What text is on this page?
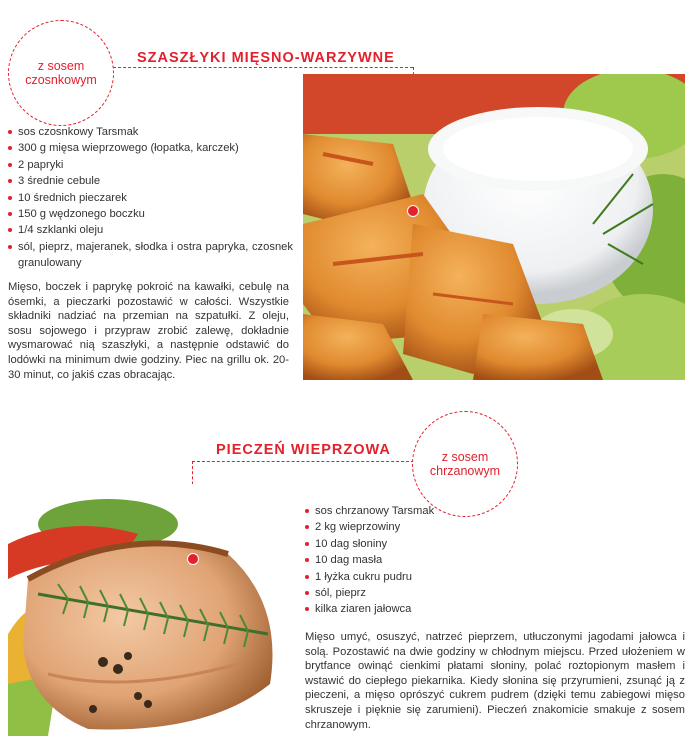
z sosem
czosnkowym
SZASZŁYKI MIĘSNO-WARZYWNE
sos czosnkowy Tarsmak
300 g mięsa wieprzowego (łopatka, karczek)
2 papryki
3 średnie cebule
10 średnich pieczarek
150 g wędzonego boczku
1/4 szklanki oleju
sól, pieprz, majeranek, słodka i ostra papryka, czosnek granulowany

Mięso, boczek i paprykę pokroić na kawałki, cebulę na ósemki, a pieczarki pozostawić w całości. Wszystkie składniki nadziać na przemian na szpatułki. Z oleju, sosu sojowego i przypraw zrobić zalewę, dokładnie wysmarować nią szaszłyki, a następnie odstawić do lodówki na minimum dwie godziny. Piec na grillu ok. 20-30 minut, co jakiś czas obracając.

PIECZEŃ WIEPRZOWA	z sosem
chrzanowym
sos chrzanowy Tarsmak
2 kg wieprzowiny
10 dag słoniny
10 dag masła
1 łyżka cukru pudru
sól, pieprz
kilka ziaren jałowca

Mięso umyć, osuszyć, natrzeć pieprzem, utłuczonymi jagodami jałowca i solą. Pozostawić na dwie godziny w chłodnym miejscu. Przed ułożeniem w brytfance owinąć cienkimi płatami słoniny, polać roztopionym masłem i wstawić do ciepłego piekarnika. Kiedy słonina się przyrumieni, zsunąć ją z pieczeni, a mięso oprószyć cukrem pudrem (dzięki temu zabiegowi mięso skruszeje i pięknie się zarumieni). Pieczeń znakomicie smakuje z sosem chrzanowym.
